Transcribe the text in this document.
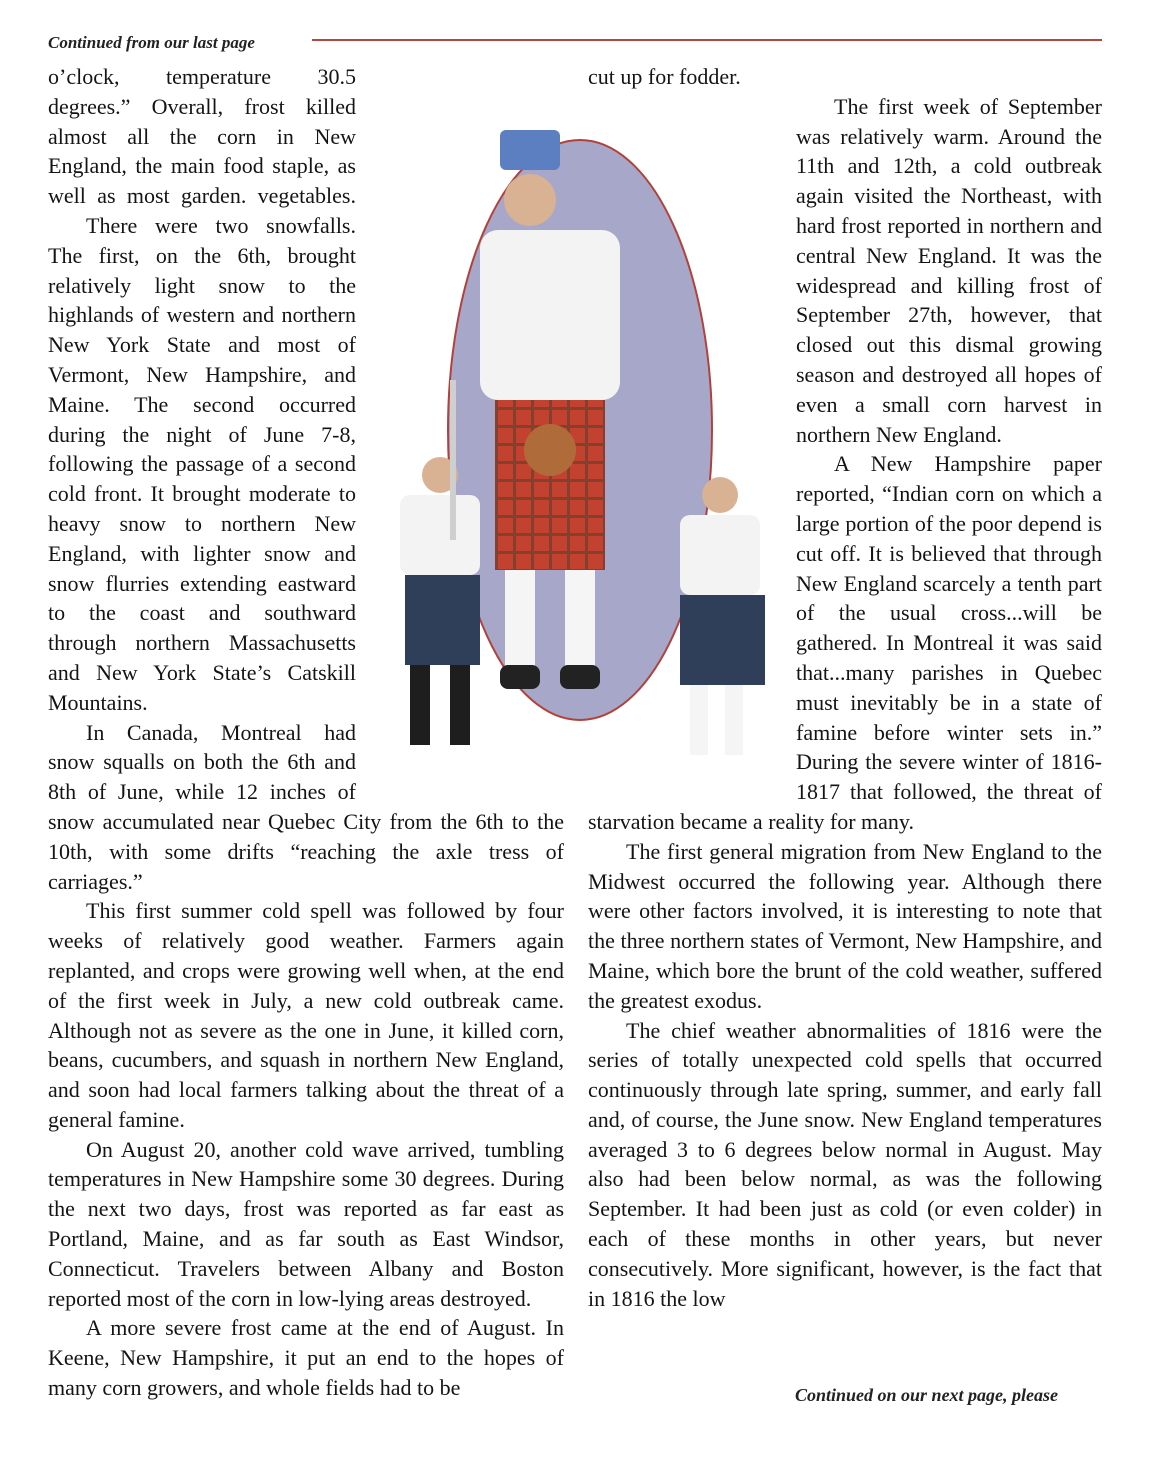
Continued from our last page

o’clock, temperature 30.5 degrees.” Overall, frost killed almost all the corn in New England, the main food staple, as well as most garden. vegetables.

There were two snowfalls. The first, on the 6th, brought relatively light snow to the highlands of western and northern New York State and most of Vermont, New Hampshire, and Maine. The second occurred during the night of June 7-8, following the passage of a second cold front. It brought moderate to heavy snow to northern New England, with lighter snow and snow flurries extending eastward to the coast and southward through northern Massachusetts and New York State’s Catskill Mountains.

In Canada, Montreal had snow squalls on both the 6th and 8th of June, while 12 inches of snow accumulated near Quebec City from the 6th to the 10th, with some drifts “reaching the axle tress of carriages.”

This first summer cold spell was followed by four weeks of relatively good weather. Farmers again replanted, and crops were growing well when, at the end of the first week in July, a new cold outbreak came. Although not as severe as the one in June, it killed corn, beans, cucumbers, and squash in northern New England, and soon had local farmers talking about the threat of a general famine.

On August 20, another cold wave arrived, tumbling temperatures in New Hampshire some 30 degrees. During the next two days, frost was reported as far east as Portland, Maine, and as far south as East Windsor, Connecticut. Travelers between Albany and Boston reported most of the corn in low-lying areas destroyed.

A more severe frost came at the end of August. In Keene, New Hampshire, it put an end to the hopes of many corn growers, and whole fields had to be

cut up for fodder.

The first week of September was relatively warm. Around the 11th and 12th, a cold outbreak again visited the Northeast, with hard frost reported in northern and central New England. It was the widespread and killing frost of September 27th, however, that closed out this dismal growing season and destroyed all hopes of even a small corn harvest in northern New England.

A New Hampshire paper reported, “Indian corn on which a large portion of the poor depend is cut off. It is believed that through New England scarcely a tenth part of the usual cross...will be gathered. In Montreal it was said that...many parishes in Quebec must inevitably be in a state of famine before winter sets in.” During the severe winter of 1816-1817 that followed, the threat of starvation became a reality for many.

The first general migration from New England to the Midwest occurred the following year. Although there were other factors involved, it is interesting to note that the three northern states of Vermont, New Hampshire, and Maine, which bore the brunt of the cold weather, suffered the greatest exodus.

The chief weather abnormalities of 1816 were the series of totally unexpected cold spells that occurred continuously through late spring, summer, and early fall and, of course, the June snow. New England temperatures averaged 3 to 6 degrees below normal in August. May also had been below normal, as was the following September. It had been just as cold (or even colder) in each of these months in other years, but never consecutively. More significant, however, is the fact that in 1816 the low

Continued on our next page, please
